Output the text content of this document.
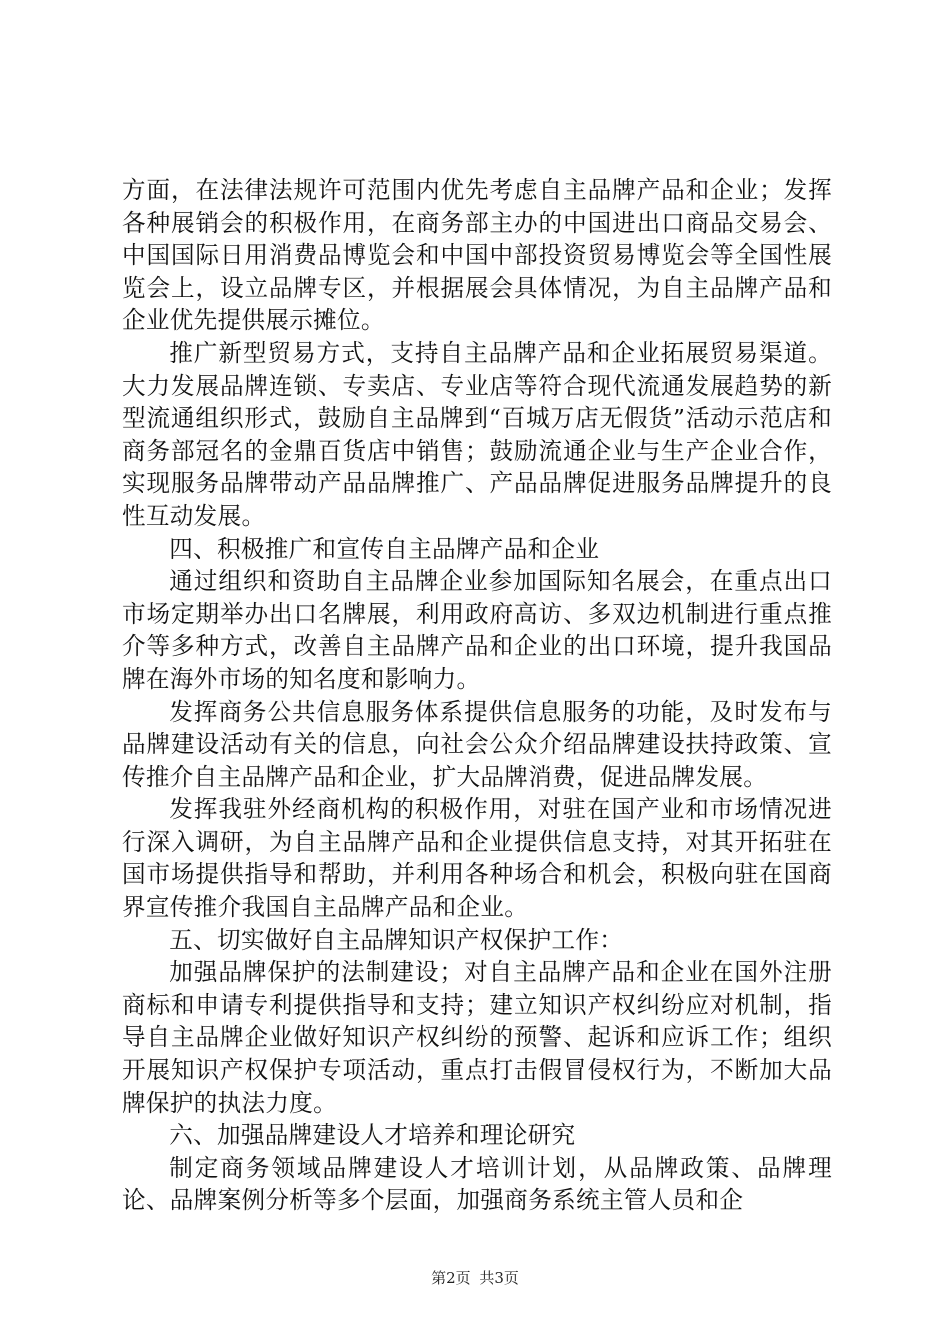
方面，在法律法规许可范围内优先考虑自主品牌产品和企业；发挥各种展销会的积极作用，在商务部主办的中国进出口商品交易会、中国国际日用消费品博览会和中国中部投资贸易博览会等全国性展览会上，设立品牌专区，并根据展会具体情况，为自主品牌产品和企业优先提供展示摊位。

推广新型贸易方式，支持自主品牌产品和企业拓展贸易渠道。大力发展品牌连锁、专卖店、专业店等符合现代流通发展趋势的新型流通组织形式，鼓励自主品牌到“百城万店无假货”活动示范店和商务部冠名的金鼎百货店中销售；鼓励流通企业与生产企业合作，实现服务品牌带动产品品牌推广、产品品牌促进服务品牌提升的良性互动发展。

四、积极推广和宣传自主品牌产品和企业

通过组织和资助自主品牌企业参加国际知名展会，在重点出口市场定期举办出口名牌展，利用政府高访、多双边机制进行重点推介等多种方式，改善自主品牌产品和企业的出口环境，提升我国品牌在海外市场的知名度和影响力。

发挥商务公共信息服务体系提供信息服务的功能，及时发布与品牌建设活动有关的信息，向社会公众介绍品牌建设扶持政策、宣传推介自主品牌产品和企业，扩大品牌消费，促进品牌发展。

发挥我驻外经商机构的积极作用，对驻在国产业和市场情况进行深入调研，为自主品牌产品和企业提供信息支持，对其开拓驻在国市场提供指导和帮助，并利用各种场合和机会，积极向驻在国商界宣传推介我国自主品牌产品和企业。

五、切实做好自主品牌知识产权保护工作：

加强品牌保护的法制建设；对自主品牌产品和企业在国外注册商标和申请专利提供指导和支持；建立知识产权纠纷应对机制，指导自主品牌企业做好知识产权纠纷的预警、起诉和应诉工作；组织开展知识产权保护专项活动，重点打击假冒侵权行为，不断加大品牌保护的执法力度。

六、加强品牌建设人才培养和理论研究

制定商务领域品牌建设人才培训计划，从品牌政策、品牌理论、品牌案例分析等多个层面，加强商务系统主管人员和企

第2页 共3页
